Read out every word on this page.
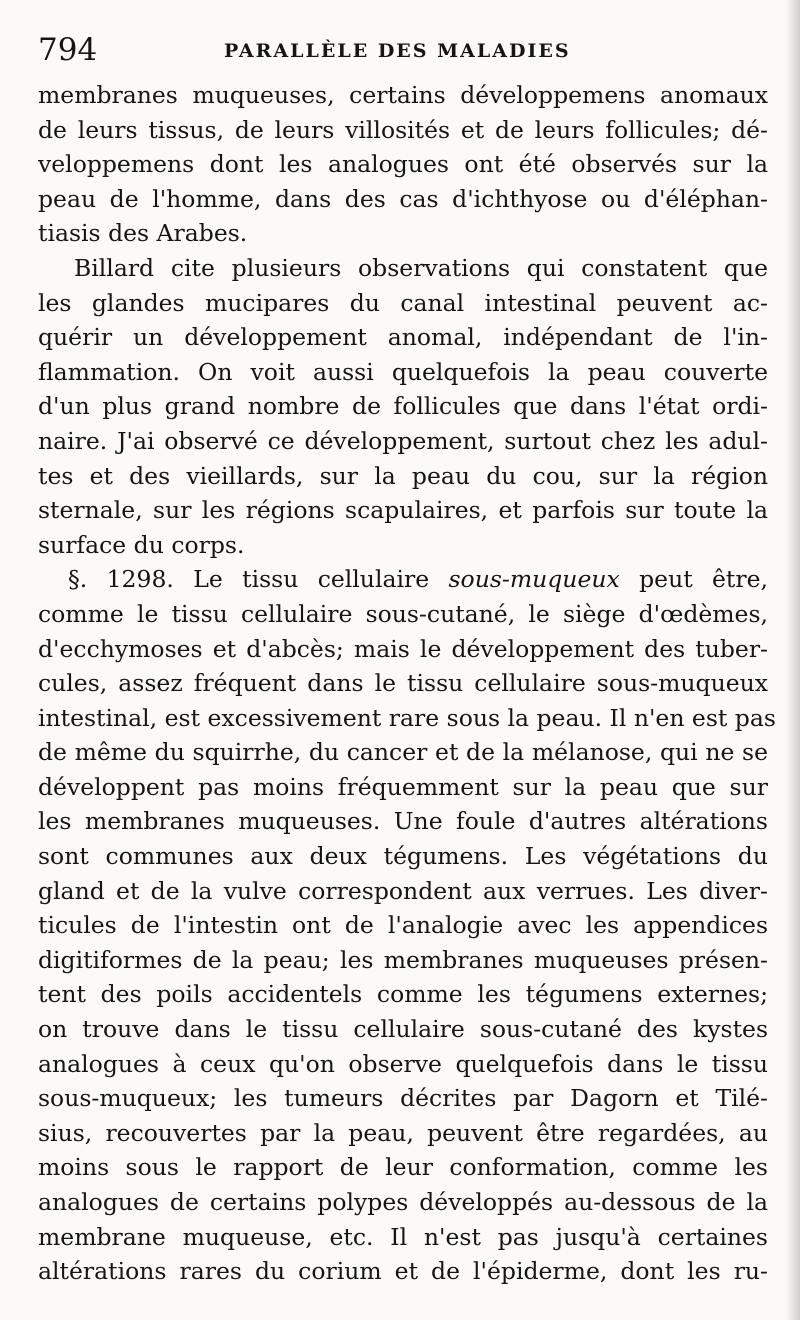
794	PARALLÈLE DES MALADIES
membranes muqueuses, certains développemens anomaux
de leurs tissus, de leurs villosités et de leurs follicules; dé-
veloppemens dont les analogues ont été observés sur la
peau de l'homme, dans des cas d'ichthyose ou d'éléphan-
tiasis des Arabes.
Billard cite plusieurs observations qui constatent que
les glandes mucipares du canal intestinal peuvent ac-
quérir un développement anomal, indépendant de l'in-
flammation. On voit aussi quelquefois la peau couverte
d'un plus grand nombre de follicules que dans l'état ordi-
naire. J'ai observé ce développement, surtout chez les adul-
tes et des vieillards, sur la peau du cou, sur la région
sternale, sur les régions scapulaires, et parfois sur toute la
surface du corps.
§. 1298. Le tissu cellulaire sous-muqueux peut être,
comme le tissu cellulaire sous-cutané, le siège d'œdèmes,
d'ecchymoses et d'abcès; mais le développement des tuber-
cules, assez fréquent dans le tissu cellulaire sous-muqueux
intestinal, est excessivement rare sous la peau. Il n'en est pas
de même du squirrhe, du cancer et de la mélanose, qui ne se
développent pas moins fréquemment sur la peau que sur
les membranes muqueuses. Une foule d'autres altérations
sont communes aux deux tégumens. Les végétations du
gland et de la vulve correspondent aux verrues. Les diver-
ticules de l'intestin ont de l'analogie avec les appendices
digitiformes de la peau; les membranes muqueuses présen-
tent des poils accidentels comme les tégumens externes;
on trouve dans le tissu cellulaire sous-cutané des kystes
analogues à ceux qu'on observe quelquefois dans le tissu
sous-muqueux; les tumeurs décrites par Dagorn et Tilé-
sius, recouvertes par la peau, peuvent être regardées, au
moins sous le rapport de leur conformation, comme les
analogues de certains polypes développés au-dessous de la
membrane muqueuse, etc. Il n'est pas jusqu'à certaines
altérations rares du corium et de l'épiderme, dont les ru-
